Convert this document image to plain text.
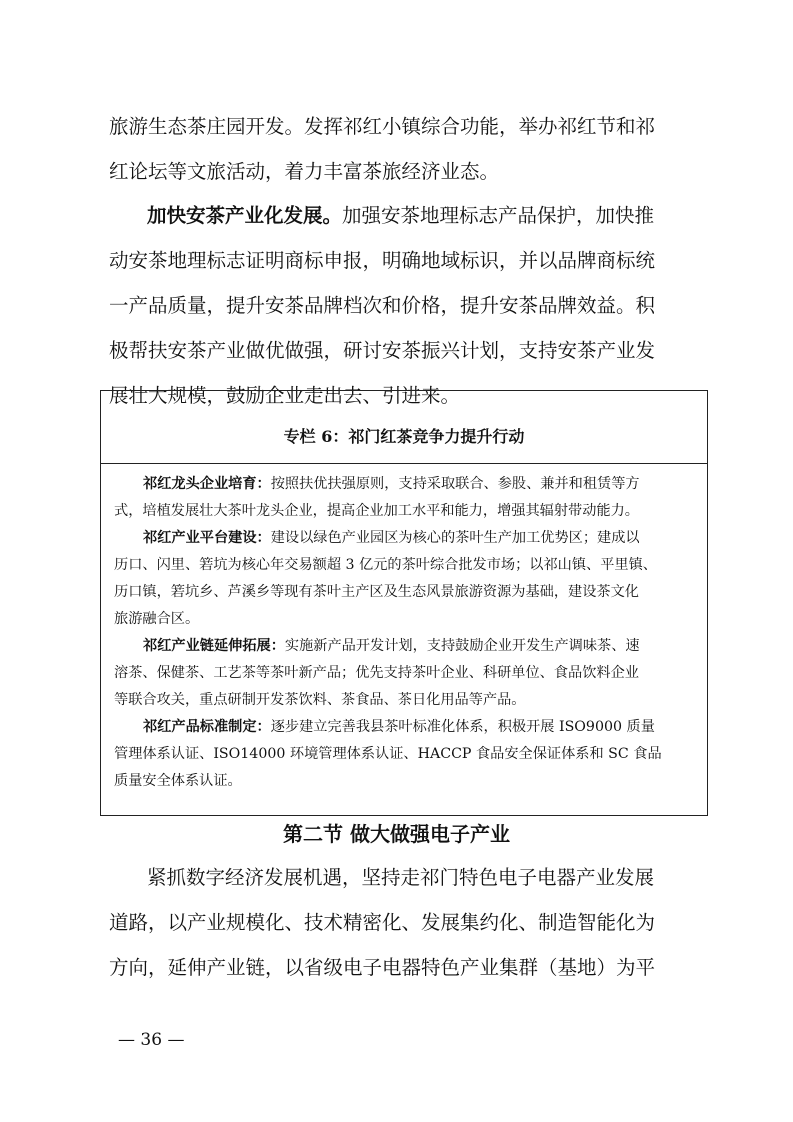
旅游生态茶庄园开发。发挥祁红小镇综合功能，举办祁红节和祁
红论坛等文旅活动，着力丰富茶旅经济业态。
加快安茶产业化发展。加强安茶地理标志产品保护，加快推
动安茶地理标志证明商标申报，明确地域标识，并以品牌商标统
一产品质量，提升安茶品牌档次和价格，提升安茶品牌效益。积
极帮扶安茶产业做优做强，研讨安茶振兴计划，支持安茶产业发
展壮大规模，鼓励企业走出去、引进来。
专栏 6：祁门红茶竞争力提升行动
祁红龙头企业培育：按照扶优扶强原则，支持采取联合、参股、兼并和租赁等方
式，培植发展壮大茶叶龙头企业，提高企业加工水平和能力，增强其辐射带动能力。
祁红产业平台建设：建设以绿色产业园区为核心的茶叶生产加工优势区；建成以
历口、闪里、箬坑为核心年交易额超 3 亿元的茶叶综合批发市场；以祁山镇、平里镇、
历口镇，箬坑乡、芦溪乡等现有茶叶主产区及生态风景旅游资源为基础，建设茶文化
旅游融合区。
祁红产业链延伸拓展：实施新产品开发计划，支持鼓励企业开发生产调味茶、速
溶茶、保健茶、工艺茶等茶叶新产品；优先支持茶叶企业、科研单位、食品饮料企业
等联合攻关，重点研制开发茶饮料、茶食品、茶日化用品等产品。
祁红产品标准制定：逐步建立完善我县茶叶标准化体系，积极开展 ISO9000 质量
管理体系认证、ISO14000 环境管理体系认证、HACCP 食品安全保证体系和 SC 食品
质量安全体系认证。
第二节 做大做强电子产业
紧抓数字经济发展机遇，坚持走祁门特色电子电器产业发展
道路，以产业规模化、技术精密化、发展集约化、制造智能化为
方向，延伸产业链，以省级电子电器特色产业集群（基地）为平
— 36 —
